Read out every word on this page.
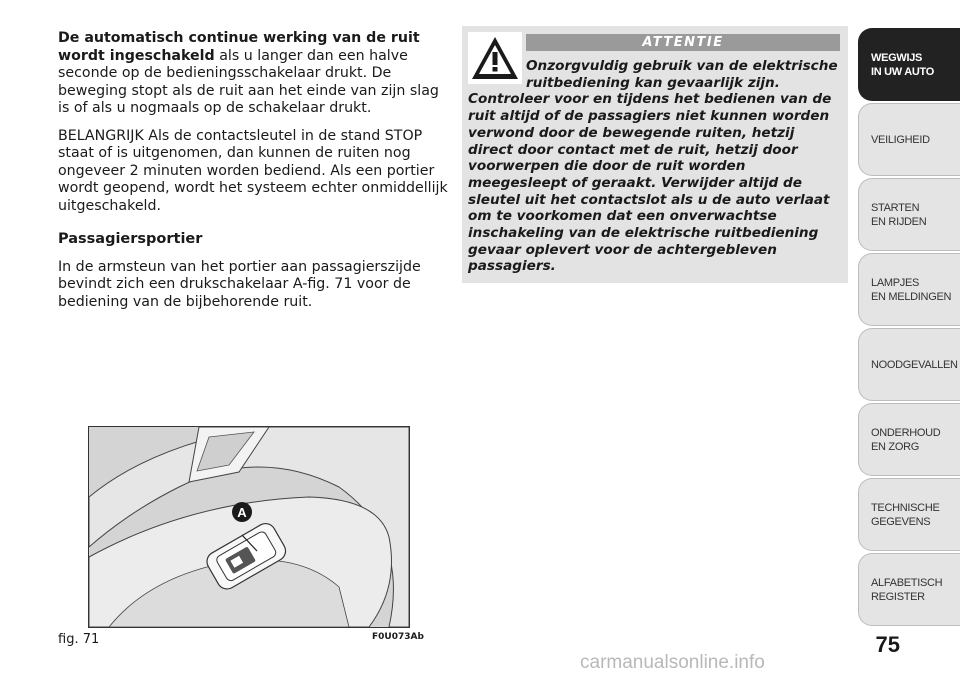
De automatisch continue werking van de ruit wordt ingeschakeld als u langer dan een halve seconde op de bedieningsschakelaar drukt. De beweging stopt als de ruit aan het einde van zijn slag is of als u nogmaals op de schakelaar drukt.

BELANGRIJK Als de contactsleutel in de stand STOP staat of is uitgenomen, dan kunnen de ruiten nog ongeveer 2 minuten worden bediend. Als een portier wordt geopend, wordt het systeem echter onmiddellijk uitgeschakeld.

Passagiersportier

In de armsteun van het portier aan passagierszijde bevindt zich een drukschakelaar A-fig. 71 voor de bediening van de bijbehorende ruit.

ATTENTIE
Onzorgvuldig gebruik van de elektrische
ruitbediening kan gevaarlijk zijn.
Controleer voor en tijdens het bedienen van de ruit altijd of de passagiers niet kunnen worden verwond door de bewegende ruiten, hetzij direct door contact met de ruit, hetzij door voorwerpen die door de ruit worden meegesleept of geraakt. Verwijder altijd de sleutel uit het contactslot als u de auto verlaat om te voorkomen dat een onverwachtse inschakeling van de elektrische ruitbediening gevaar oplevert voor de achtergebleven passagiers.
A
fig. 71	F0U073Ab
WEGWIJS
IN UW AUTO
VEILIGHEID
STARTEN
EN RIJDEN
LAMPJES
EN MELDINGEN
NOODGEVALLEN
ONDERHOUD
EN ZORG
TECHNISCHE
GEGEVENS
ALFABETISCH
REGISTER
75
carmanualsonline.info
